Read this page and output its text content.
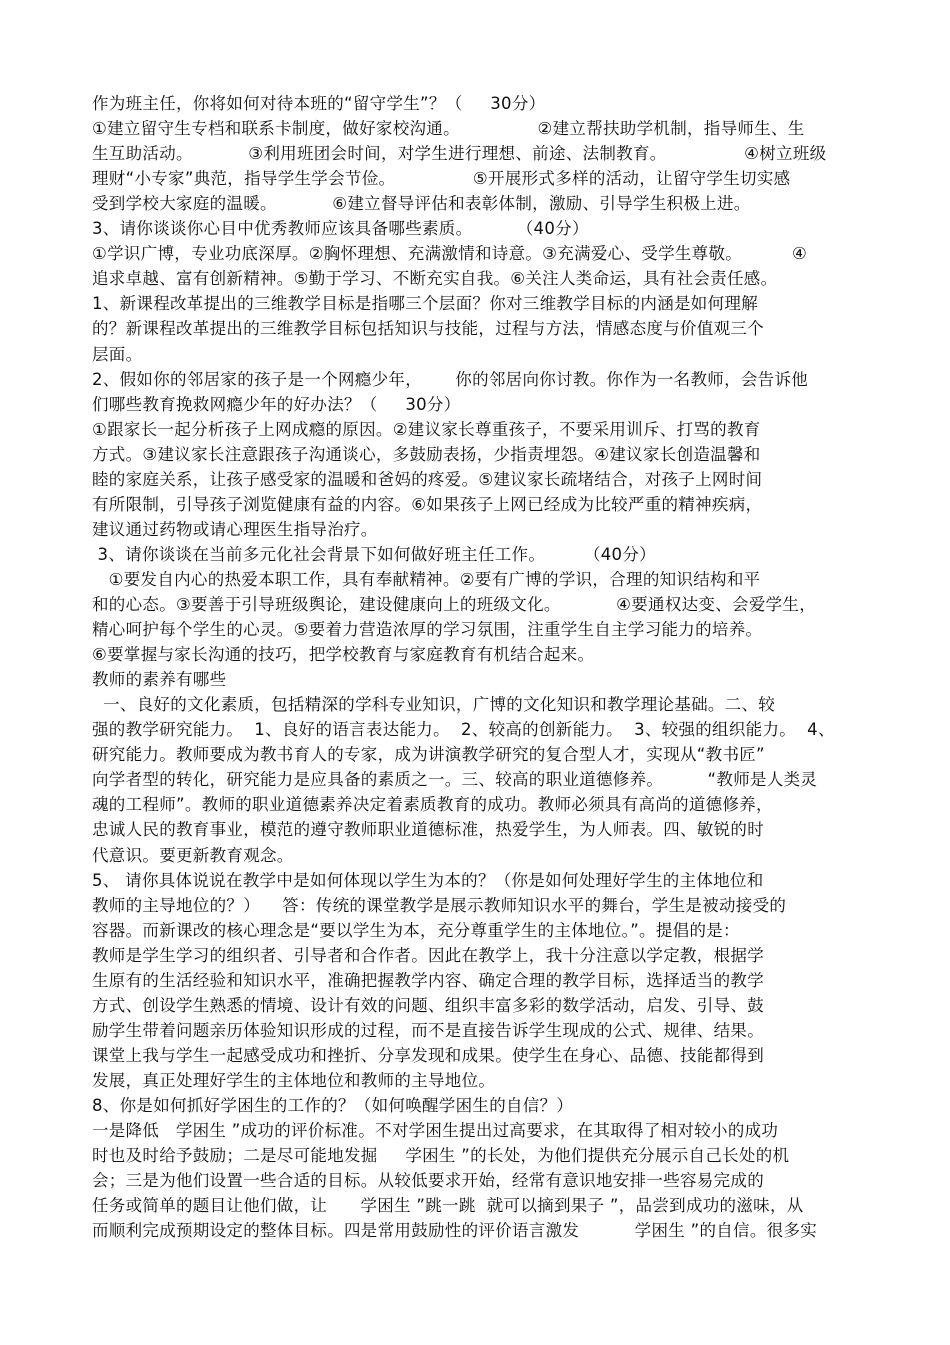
作为班主任，你将如何对待本班的“留守学生”？（     30分）
①建立留守生专档和联系卡制度，做好家校沟通。              ②建立帮扶助学机制，指导师生、生
生互助活动。          ③利用班团会时间，对学生进行理想、前途、法制教育。              ④树立班级
理财“小专家”典范，指导学生学会节俭。              ⑤开展形式多样的活动，让留守学生切实感
受到学校大家庭的温暖。          ⑥建立督导评估和表彰体制，激励、引导学生积极上进。
3、请你谈谈你心目中优秀教师应该具备哪些素质。        （40分）
①学识广博，专业功底深厚。②胸怀理想、充满激情和诗意。③充满爱心、受学生尊敬。         ④
追求卓越、富有创新精神。⑤勤于学习、不断充实自我。⑥关注人类命运，具有社会责任感。
1、新课程改革提出的三维教学目标是指哪三个层面？你对三维教学目标的内涵是如何理解
的？新课程改革提出的三维教学目标包括知识与技能，过程与方法，情感态度与价值观三个
层面。
2、假如你的邻居家的孩子是一个网瘾少年，      你的邻居向你讨教。你作为一名教师，会告诉他
们哪些教育挽救网瘾少年的好办法？（     30分）
①跟家长一起分析孩子上网成瘾的原因。②建议家长尊重孩子，不要采用训斥、打骂的教育
方式。③建议家长注意跟孩子沟通谈心，多鼓励表扬，少指责埋怨。④建议家长创造温馨和
睦的家庭关系，让孩子感受家的温暖和爸妈的疼爱。⑤建议家长疏堵结合，对孩子上网时间
有所限制，引导孩子浏览健康有益的内容。⑥如果孩子上网已经成为比较严重的精神疾病，
建议通过药物或请心理医生指导治疗。
3、请你谈谈在当前多元化社会背景下如何做好班主任工作。       （40分）
①要发自内心的热爱本职工作，具有奉献精神。②要有广博的学识，合理的知识结构和平
和的心态。③要善于引导班级舆论，建设健康向上的班级文化。          ④要通权达变、会爱学生，
精心呵护每个学生的心灵。⑤要着力营造浓厚的学习氛围，注重学生自主学习能力的培养。
⑥要掌握与家长沟通的技巧，把学校教育与家庭教育有机结合起来。
教师的素养有哪些
一、良好的文化素质，包括精深的学科专业知识，广博的文化知识和教学理论基础。二、较
强的教学研究能力。  1、良好的语言表达能力。  2、较高的创新能力。  3、较强的组织能力。  4、
研究能力。教师要成为教书育人的专家，成为讲演教学研究的复合型人才，实现从“教书匠”
向学者型的转化，研究能力是应具备的素质之一。三、较高的职业道德修养。        “教师是人类灵
魂的工程师”。教师的职业道德素养决定着素质教育的成功。教师必须具有高尚的道德修养，
忠诚人民的教育事业，模范的遵守教师职业道德标准，热爱学生，为人师表。四、敏锐的时
代意识。要更新教育观念。
5、 请你具体说说在教学中是如何体现以学生为本的？（你是如何处理好学生的主体地位和
教师的主导地位的？）    答：传统的课堂教学是展示教师知识水平的舞台，学生是被动接受的
容器。而新课改的核心理念是“要以学生为本，充分尊重学生的主体地位。”。提倡的是：
教师是学生学习的组织者、引导者和合作者。因此在教学上，我十分注意以学定教，根据学
生原有的生活经验和知识水平，准确把握教学内容、确定合理的教学目标，选择适当的教学
方式、创设学生熟悉的情境、设计有效的问题、组织丰富多彩的数学活动，启发、引导、鼓
励学生带着问题亲历体验知识形成的过程，而不是直接告诉学生现成的公式、规律、结果。
课堂上我与学生一起感受成功和挫折、分享发现和成果。使学生在身心、品德、技能都得到
发展，真正处理好学生的主体地位和教师的主导地位。
8、你是如何抓好学困生的工作的？（如何唤醒学困生的自信？）
一是降低   学困生 ”成功的评价标准。不对学困生提出过高要求，在其取得了相对较小的成功
时也及时给予鼓励；二是尽可能地发掘     学困生 ”的长处，为他们提供充分展示自己长处的机
会；三是为他们设置一些合适的目标。从较低要求开始，经常有意识地安排一些容易完成的
任务或简单的题目让他们做，让      学困生 ”跳一跳  就可以摘到果子 ”，品尝到成功的滋味，从
而顺利完成预期设定的整体目标。四是常用鼓励性的评价语言激发          学困生 ”的自信。很多实
